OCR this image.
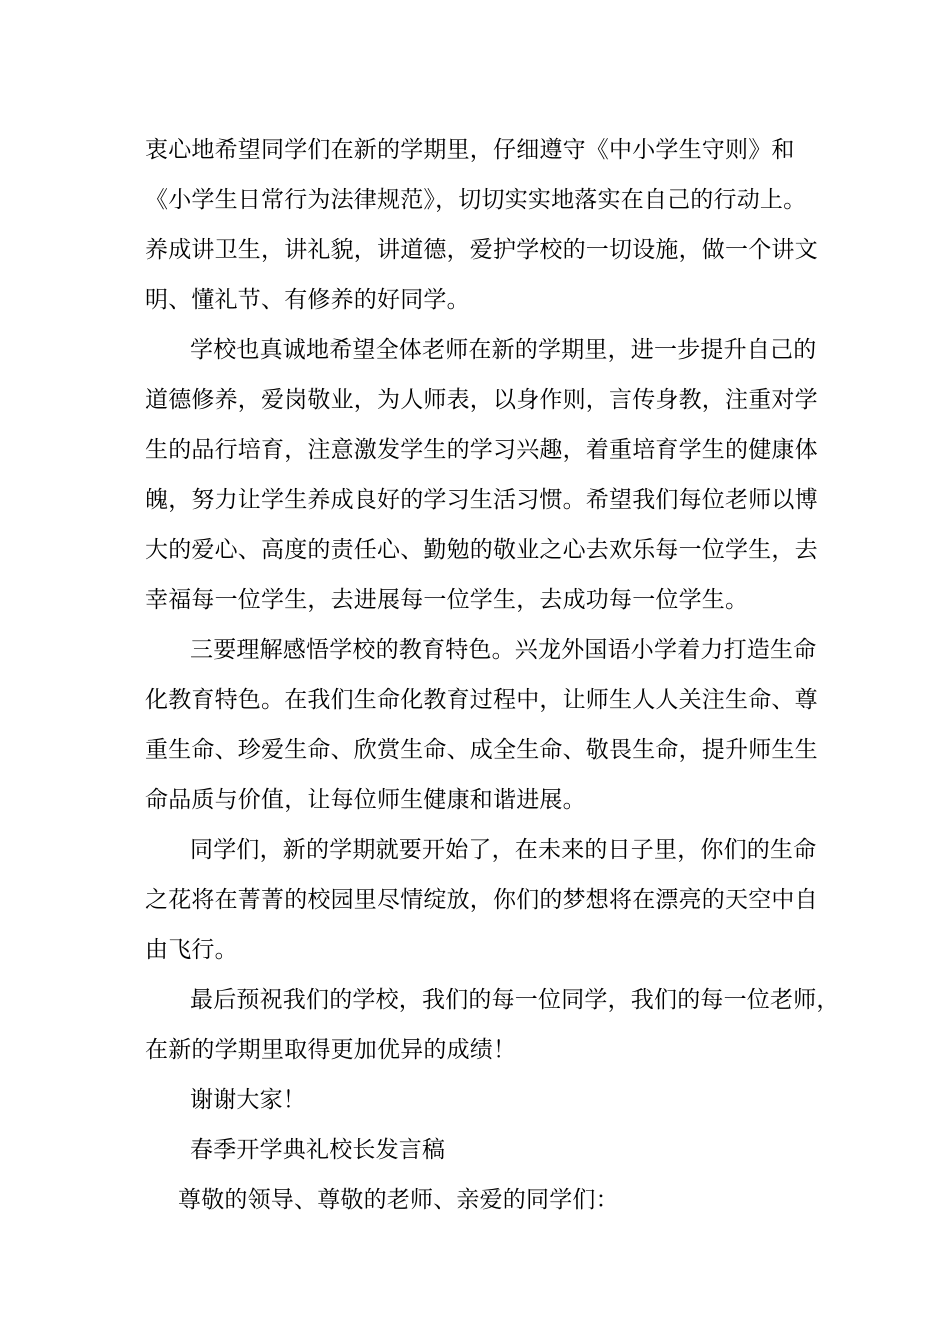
衷心地希望同学们在新的学期里，仔细遵守《中小学生守则》和
《小学生日常行为法律规范》，切切实实地落实在自己的行动上。
养成讲卫生，讲礼貌，讲道德，爱护学校的一切设施，做一个讲文
明、懂礼节、有修养的好同学。
学校也真诚地希望全体老师在新的学期里，进一步提升自己的
道德修养，爱岗敬业，为人师表，以身作则，言传身教，注重对学
生的品行培育，注意激发学生的学习兴趣，着重培育学生的健康体
魄，努力让学生养成良好的学习生活习惯。希望我们每位老师以博
大的爱心、高度的责任心、勤勉的敬业之心去欢乐每一位学生，去
幸福每一位学生，去进展每一位学生，去成功每一位学生。
三要理解感悟学校的教育特色。兴龙外国语小学着力打造生命
化教育特色。在我们生命化教育过程中，让师生人人关注生命、尊
重生命、珍爱生命、欣赏生命、成全生命、敬畏生命，提升师生生
命品质与价值，让每位师生健康和谐进展。
同学们，新的学期就要开始了，在未来的日子里，你们的生命
之花将在菁菁的校园里尽情绽放，你们的梦想将在漂亮的天空中自
由飞行。
最后预祝我们的学校，我们的每一位同学，我们的每一位老师，
在新的学期里取得更加优异的成绩！
谢谢大家！
春季开学典礼校长发言稿
尊敬的领导、尊敬的老师、亲爱的同学们：
